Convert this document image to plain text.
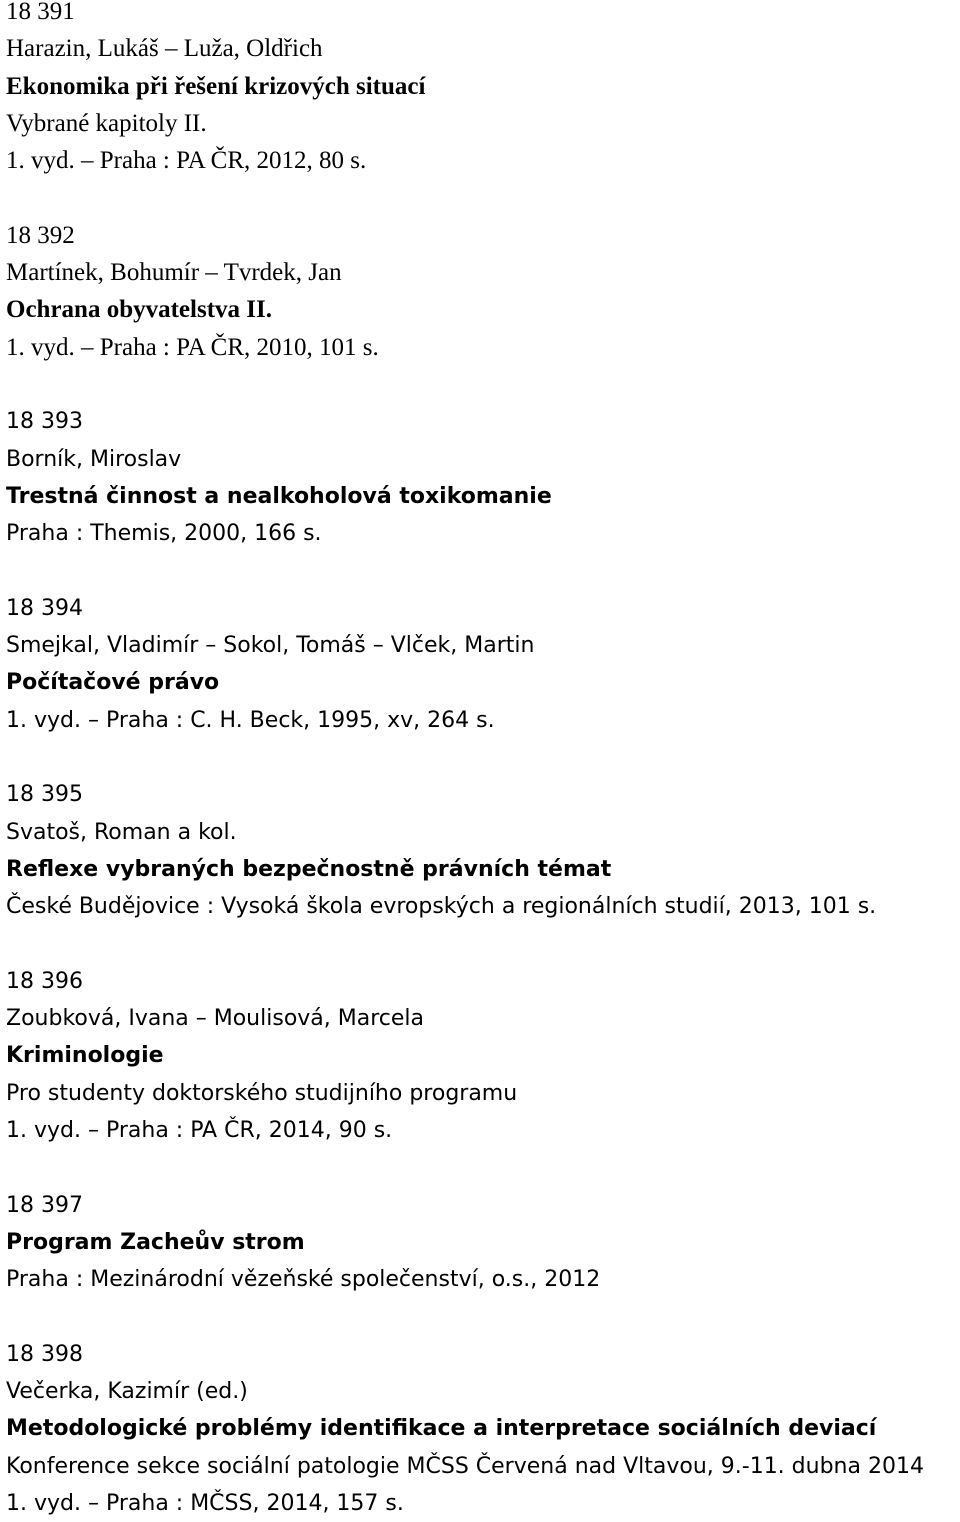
18 391
Harazin, Lukáš – Luža, Oldřich
Ekonomika při řešení krizových situací
Vybrané kapitoly II.
1. vyd. – Praha : PA ČR, 2012, 80 s.
18 392
Martínek, Bohumír – Tvrdek, Jan
Ochrana obyvatelstva II.
1. vyd. – Praha : PA ČR, 2010, 101 s.
18 393
Borník, Miroslav
Trestná činnost a nealkoholová toxikomanie
Praha : Themis, 2000, 166 s.
18 394
Smejkal, Vladimír – Sokol, Tomáš – Vlček, Martin
Počítačové právo
1. vyd. – Praha : C. H. Beck, 1995, xv, 264 s.
18 395
Svatoš, Roman a kol.
Reflexe vybraných bezpečnostně právních témat
České Budějovice : Vysoká škola evropských a regionálních studií, 2013, 101 s.
18 396
Zoubková, Ivana – Moulisová, Marcela
Kriminologie
Pro studenty doktorského studijního programu
1. vyd. – Praha : PA ČR, 2014, 90 s.
18 397
Program Zacheův strom
Praha : Mezinárodní vězeňské společenství, o.s., 2012
18 398
Večerka, Kazimír (ed.)
Metodologické problémy identifikace a interpretace sociálních deviací
Konference sekce sociální patologie MČSS Červená nad Vltavou, 9.-11. dubna 2014
1. vyd. – Praha : MČSS, 2014, 157 s.
